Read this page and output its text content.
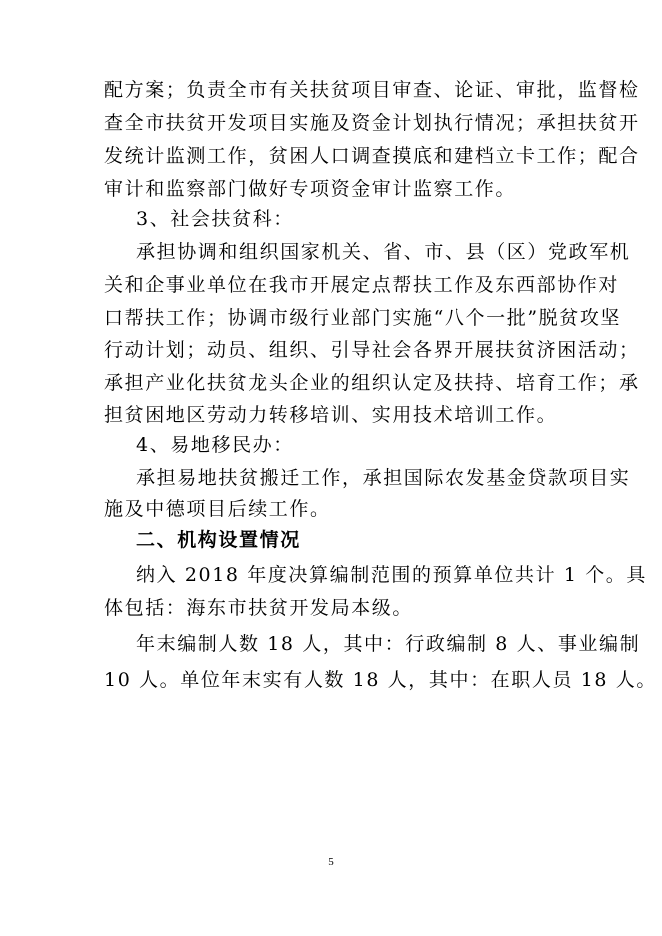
配方案；负责全市有关扶贫项目审查、论证、审批，监督检
查全市扶贫开发项目实施及资金计划执行情况；承担扶贫开
发统计监测工作，贫困人口调查摸底和建档立卡工作；配合
审计和监察部门做好专项资金审计监察工作。
3、社会扶贫科：
承担协调和组织国家机关、省、市、县（区）党政军机
关和企事业单位在我市开展定点帮扶工作及东西部协作对
口帮扶工作；协调市级行业部门实施“八个一批”脱贫攻坚
行动计划；动员、组织、引导社会各界开展扶贫济困活动；
承担产业化扶贫龙头企业的组织认定及扶持、培育工作；承
担贫困地区劳动力转移培训、实用技术培训工作。
4、易地移民办：
承担易地扶贫搬迁工作，承担国际农发基金贷款项目实
施及中德项目后续工作。
二、机构设置情况
纳入 2018 年度决算编制范围的预算单位共计 1 个。具
体包括：海东市扶贫开发局本级。
年末编制人数 18 人，其中：行政编制 8 人、事业编制
10 人。单位年末实有人数 18 人，其中：在职人员 18 人。
5
